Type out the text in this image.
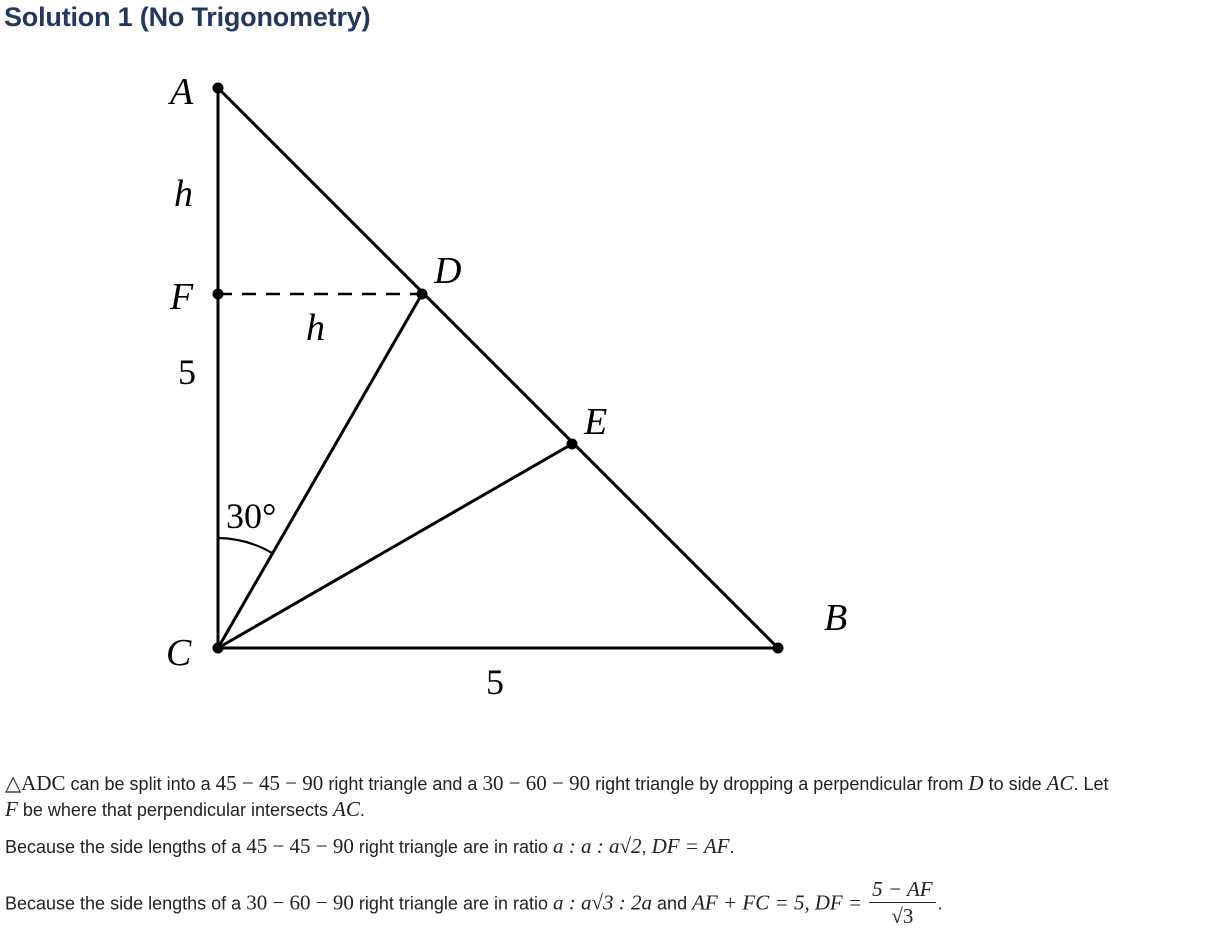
Solution 1 (No Trigonometry)
A
F
C
D
E
B
h
h
5
5
30°
△ADC can be split into a 45 − 45 − 90 right triangle and a 30 − 60 − 90 right triangle by dropping a perpendicular from D to side AC. Let
F be where that perpendicular intersects AC.
Because the side lengths of a 45 − 45 − 90 right triangle are in ratio a : a : a√2, DF = AF.
Because the side lengths of a 30 − 60 − 90 right triangle are in ratio a : a√3 : 2a and AF + FC = 5, DF = $\frac{5 - AF}{√3}$ .
